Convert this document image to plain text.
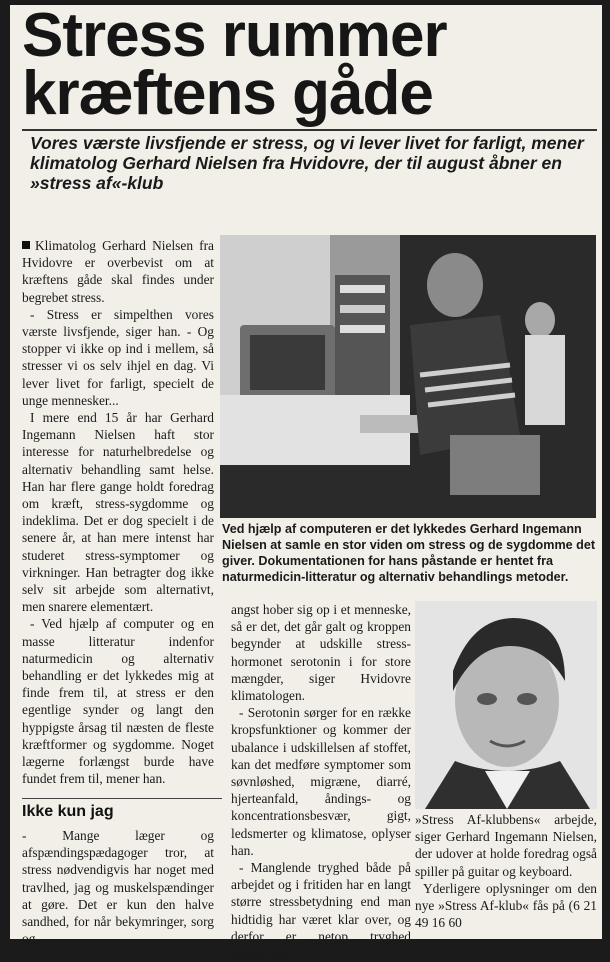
Stress rummer kræftens gåde

Vores værste livsfjende er stress, og vi lever livet for farligt, mener klimatolog Gerhard Nielsen fra Hvidovre, der til august åbner en »stress af«-klub

Klimatolog Gerhard Nielsen fra Hvidovre er overbevist om at kræftens gåde skal findes under begrebet stress.

- Stress er simpelthen vores værste livsfjende, siger han. - Og stopper vi ikke op ind i mellem, så stresser vi os selv ihjel en dag. Vi lever livet for farligt, specielt de unge mennesker...

I mere end 15 år har Gerhard Ingemann Nielsen haft stor interesse for naturhelbredelse og alternativ behandling samt helse. Han har flere gange holdt foredrag om kræft, stress-sygdomme og indeklima. Det er dog specielt i de senere år, at han mere intenst har studeret stress-symptomer og virkninger. Han betragter dog ikke selv sit arbejde som alternativt, men snarere elementært.

- Ved hjælp af computer og en masse litteratur indenfor naturmedicin og alternativ behandling er det lykkedes mig at finde frem til, at stress er den egentlige synder og langt den hyppigste årsag til næsten de fleste kræftformer og sygdomme. Noget lægerne forlængst burde have fundet frem til, mener han.

Ikke kun jag

- Mange læger og afspændingspædagoger tror, at stress nødvendigvis har noget med travlhed, jag og muskelspændinger at gøre. Det er kun den halve sandhed, for når bekymringer, sorg og

Ved hjælp af computeren er det lykkedes Gerhard Ingemann Nielsen at samle en stor viden om stress og de sygdomme det giver. Dokumentationen for hans påstande er hentet fra naturmedicin-litteratur og alternativ behandlings metoder.

angst hober sig op i et menneske, så er det, det går galt og kroppen begynder at udskille stress-hormonet serotonin i for store mængder, siger Hvidovre klimatologen.

- Serotonin sørger for en række kropsfunktioner og kommer der ubalance i udskillelsen af stoffet, kan det medføre symptomer som søvnløshed, migræne, diarré, hjerteanfald, åndings- og koncentrationsbesvær, gigt, ledsmerter og klimatose, oplyser han.

- Manglende tryghed både på arbejdet og i fritiden har en langt større stressbetydning end man hidtidig har været klar over, og derfor er netop tryghed nøgleordet i

»Stress Af-klubbens« arbejde, siger Gerhard Ingemann Nielsen, der udover at holde foredrag også spiller på guitar og keyboard.

Yderligere oplysninger om den nye »Stress Af-klub« fås på (6 21 49 16 60
